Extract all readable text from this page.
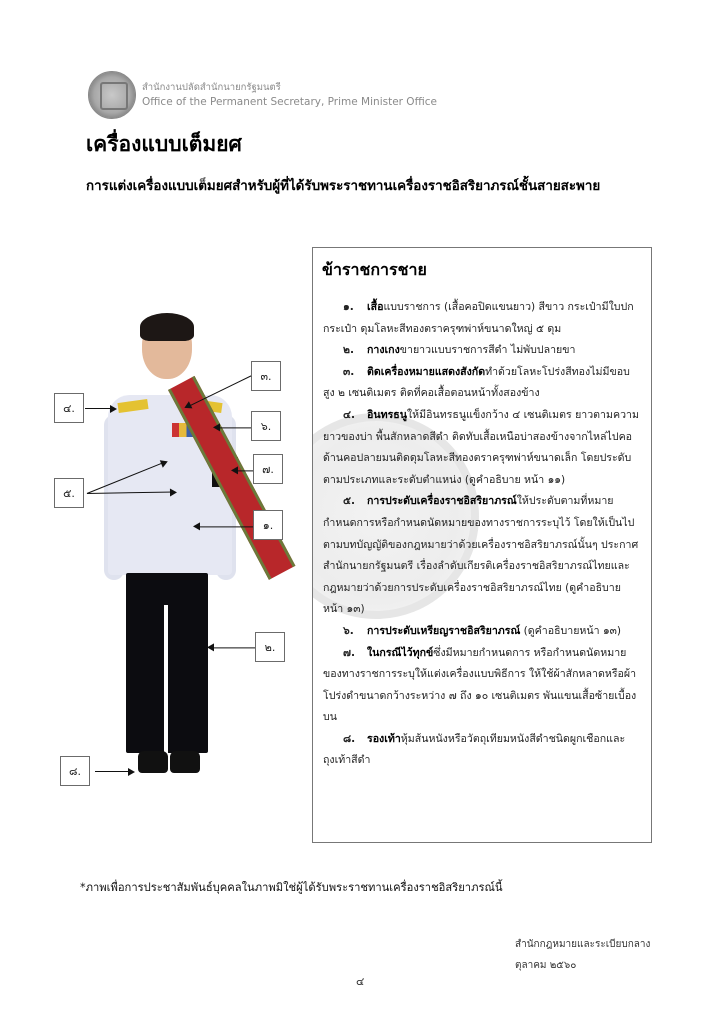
สำนักงานปลัดสำนักนายกรัฐมนตรี
Office of the Permanent Secretary, Prime Minister Office
เครื่องแบบเต็มยศ
การแต่งเครื่องแบบเต็มยศสำหรับผู้ที่ได้รับพระราชทานเครื่องราชอิสริยาภรณ์ชั้นสายสะพาย
๓.
๖.
๗.
๑.
๒.
๔.
๕.
๘.
ข้าราชการชาย
๑. เสื้อแบบราชการ (เสื้อคอปิดแขนยาว) สีขาว กระเป๋ามีใบปกกระเป๋า ดุมโลหะสีทองตราครุฑพ่าห์ขนาดใหญ่ ๕ ดุม
๒. กางเกงขายาวแบบราชการสีดำ ไม่พับปลายขา
๓. ติดเครื่องหมายแสดงสังกัดทำด้วยโลหะโปร่งสีทองไม่มีขอบ สูง ๒ เซนติเมตร ติดที่คอเสื้อตอนหน้าทั้งสองข้าง
๔. อินทรธนูให้มีอินทรธนูแข็งกว้าง ๔ เซนติเมตร ยาวตามความยาวของบ่า พื้นสักหลาดสีดำ ติดทับเสื้อเหนือบ่าสองข้างจากไหล่ไปคอ ด้านคอปลายมนติดดุมโลหะสีทองตราครุฑพ่าห์ขนาดเล็ก โดยประดับตามประเภทและระดับตำแหน่ง (ดูคำอธิบาย หน้า ๑๑)
๕. การประดับเครื่องราชอิสริยาภรณ์ให้ประดับตามที่หมายกำหนดการหรือกำหนดนัดหมายของทางราชการระบุไว้ โดยให้เป็นไปตามบทบัญญัติของกฎหมายว่าด้วยเครื่องราชอิสริยาภรณ์นั้นๆ ประกาศสำนักนายกรัฐมนตรี เรื่องลำดับเกียรติเครื่องราชอิสริยาภรณ์ไทยและกฎหมายว่าด้วยการประดับเครื่องราชอิสริยาภรณ์ไทย (ดูคำอธิบายหน้า ๑๓)
๖. การประดับเหรียญราชอิสริยาภรณ์ (ดูคำอธิบายหน้า ๑๓)
๗. ในกรณีไว้ทุกข์ซึ่งมีหมายกำหนดการ หรือกำหนดนัดหมายของทางราชการระบุให้แต่งเครื่องแบบพิธีการ ให้ใช้ผ้าสักหลาดหรือผ้าโปร่งดำขนาดกว้างระหว่าง ๗ ถึง ๑๐ เซนติเมตร พันแขนเสื้อซ้ายเบื้องบน
๘. รองเท้าหุ้มส้นหนังหรือวัตถุเทียมหนังสีดำชนิดผูกเชือกและถุงเท้าสีดำ
*ภาพเพื่อการประชาสัมพันธ์บุคคลในภาพมิใช่ผู้ได้รับพระราชทานเครื่องราชอิสริยาภรณ์นี้
สำนักกฎหมายและระเบียบกลาง
ตุลาคม ๒๕๖๐
๔
